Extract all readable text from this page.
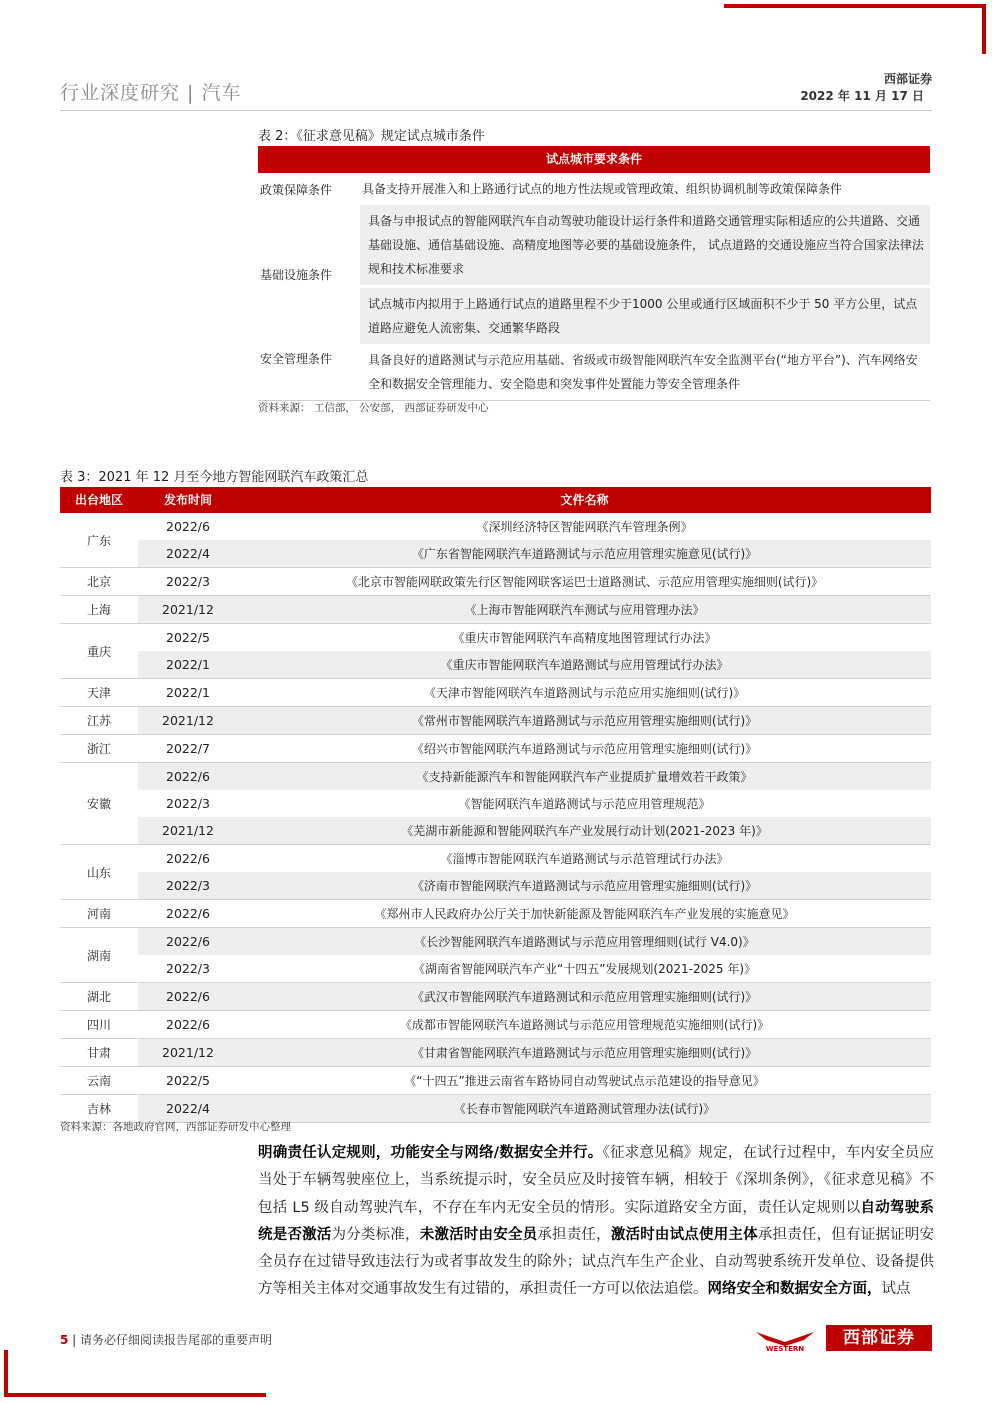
行业深度研究 | 汽车
西部证券
2022 年 11 月 17 日
表 2：《征求意见稿》规定试点城市条件
试点城市要求条件
政策保障条件	具备支持开展准入和上路通行试点的地方性法规或管理政策、组织协调机制等政策保障条件
基础设施条件
具备与申报试点的智能网联汽车自动驾驶功能设计运行条件和道路交通管理实际相适应的公共道路、交通基础设施、通信基础设施、高精度地图等必要的基础设施条件， 试点道路的交通设施应当符合国家法律法规和技术标准要求
试点城市内拟用于上路通行试点的道路里程不少于1000 公里或通行区域面积不少于 50 平方公里，试点道路应避免人流密集、交通繁华路段
安全管理条件	具备良好的道路测试与示范应用基础、省级或市级智能网联汽车安全监测平台(“地方平台”)、汽车网络安全和数据安全管理能力、安全隐患和突发事件处置能力等安全管理条件
资料来源： 工信部， 公安部， 西部证券研发中心
表 3：2021 年 12 月至今地方智能网联汽车政策汇总
出台地区	发布时间	文件名称
广东
2022/6	《深圳经济特区智能网联汽车管理条例》
2022/4	《广东省智能网联汽车道路测试与示范应用管理实施意见(试行)》
北京	2022/3	《北京市智能网联政策先行区智能网联客运巴士道路测试、示范应用管理实施细则(试行)》
上海	2021/12	《上海市智能网联汽车测试与应用管理办法》
重庆
2022/5	《重庆市智能网联汽车高精度地图管理试行办法》
2022/1	《重庆市智能网联汽车道路测试与应用管理试行办法》
天津	2022/1	《天津市智能网联汽车道路测试与示范应用实施细则(试行)》
江苏	2021/12	《常州市智能网联汽车道路测试与示范应用管理实施细则(试行)》
浙江	2022/7	《绍兴市智能网联汽车道路测试与示范应用管理实施细则(试行)》
安徽
2022/6	《支持新能源汽车和智能网联汽车产业提质扩量增效若干政策》
2022/3	《智能网联汽车道路测试与示范应用管理规范》
2021/12	《芜湖市新能源和智能网联汽车产业发展行动计划(2021-2023 年)》
山东
2022/6	《淄博市智能网联汽车道路测试与示范管理试行办法》
2022/3	《济南市智能网联汽车道路测试与示范应用管理实施细则(试行)》
河南	2022/6	《郑州市人民政府办公厅关于加快新能源及智能网联汽车产业发展的实施意见》
湖南
2022/6	《长沙智能网联汽车道路测试与示范应用管理细则(试行 V4.0)》
2022/3	《湖南省智能网联汽车产业“十四五”发展规划(2021-2025 年)》
湖北	2022/6	《武汉市智能网联汽车道路测试和示范应用管理实施细则(试行)》
四川	2022/6	《成都市智能网联汽车道路测试与示范应用管理规范实施细则(试行)》
甘肃	2021/12	《甘肃省智能网联汽车道路测试与示范应用管理实施细则(试行)》
云南	2022/5	《“十四五”推进云南省车路协同自动驾驶试点示范建设的指导意见》
吉林	2022/4	《长春市智能网联汽车道路测试管理办法(试行)》
资料来源：各地政府官网，西部证券研发中心整理
明确责任认定规则，功能安全与网络/数据安全并行。《征求意见稿》规定，在试行过程中，车内安全员应当处于车辆驾驶座位上，当系统提示时，安全员应及时接管车辆，相较于《深圳条例》，《征求意见稿》不包括 L5 级自动驾驶汽车，不存在车内无安全员的情形。实际道路安全方面，责任认定规则以自动驾驶系统是否激活为分类标准，未激活时由安全员承担责任，激活时由试点使用主体承担责任，但有证据证明安全员存在过错导致违法行为或者事故发生的除外；试点汽车生产企业、自动驾驶系统开发单位、设备提供方等相关主体对交通事故发生有过错的，承担责任一方可以依法追偿。网络安全和数据安全方面，试点
5 | 请务必仔细阅读报告尾部的重要声明
WESTERN
西部证券
